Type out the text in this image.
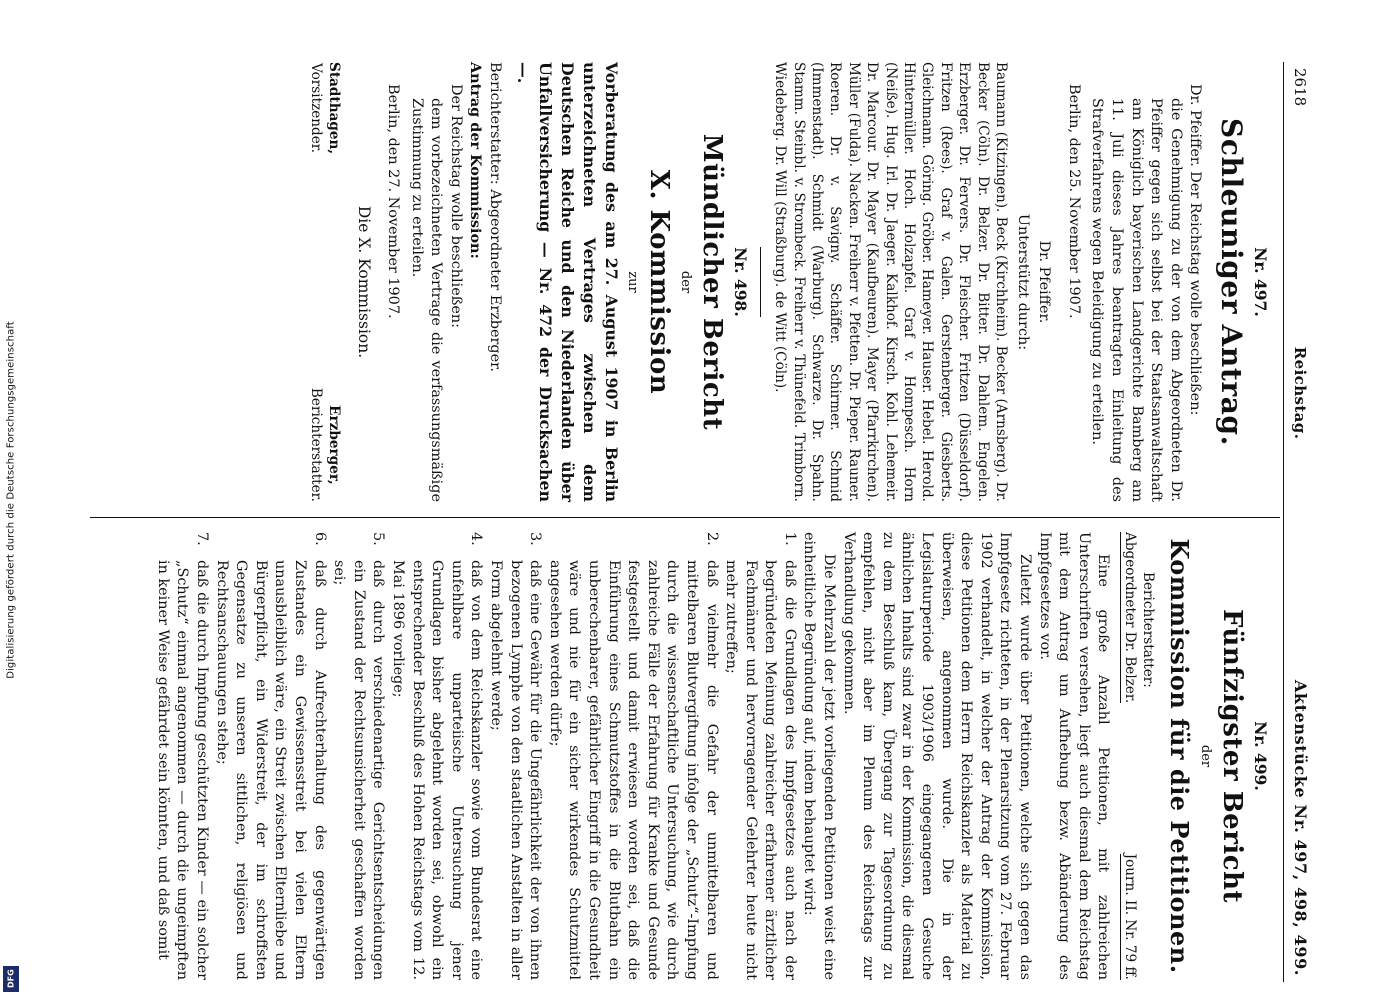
Digitalisierung gefördert durch die Deutsche Forschungsgemeinschaft
DFG
2618
Reichstag.
Aktenstücke Nr. 497, 498, 499.
Nr. 497.
Schleuniger Antrag.

Dr. Pfeiffer. Der Reichstag wolle beschließen:

die Genehmigung zu der von dem Abgeordneten Dr. Pfeiffer gegen sich selbst bei der Staatsanwaltschaft am Königlich bayerischen Landgerichte Bamberg am 11. Juli dieses Jahres beantragten Einleitung des Strafverfahrens wegen Beleidigung zu erteilen.

Berlin, den 25. November 1907.

Dr. Pfeiffer.
Unterstützt durch:

Baumann (Kitzingen). Beck (Kirchheim). Becker (Arnsberg). Dr. Becker (Cöln). Dr. Belzer. Dr. Bitter. Dr. Dahlem. Engelen. Erzberger. Dr. Fervers. Dr. Fleischer. Fritzen (Düsseldorf). Fritzen (Rees). Graf v. Galen. Gerstenberger. Giesberts. Gleichmann. Göring. Gröber. Hameyer. Hauser. Hebel. Herold. Hintermüller. Hoch. Holzapfel. Graf v. Hompesch. Horn (Neiße). Hug. Irl. Dr. Jaeger. Kalkhof. Kirsch. Kohl. Lehemeir. Dr. Marcour. Dr. Mayer (Kaufbeuren). Mayer (Pfarrkirchen). Müller (Fulda). Nacken. Freiherr v. Pfetten. Dr. Pieper. Rauner. Roeren. Dr. v. Savigny. Schäffer. Schirmer. Schmid (Immenstadt). Schmidt (Warburg). Schwarze. Dr. Spahn. Stamm. Steinbl. v. Strombeck. Freiherr v. Thünefeld. Trimborn. Wiedeberg. Dr. Will (Straßburg). de Witt (Cöln).

Nr. 498.
Mündlicher Bericht
der
X. Kommission
zur

Vorberatung des am 27. August 1907 in Berlin unterzeichneten Vertrages zwischen dem Deutschen Reiche und den Niederlanden über Unfallversicherung — Nr. 472 der Drucksachen —.

Berichterstatter: Abgeordneter Erzberger.

Antrag der Kommission:

Der Reichstag wolle beschließen:

dem vorbezeichneten Vertrage die verfassungsmäßige Zustimmung zu erteilen.

Berlin, den 27. November 1907.

Die X. Kommission.
Stadthagen,
Vorsitzender.
Erzberger,
Berichterstatter.
Nr. 499.
Fünfzigster Bericht
der
Kommission für die Petitionen.
Berichterstatter:
Abgeordneter Dr. Belzer.
Journ. II. Nr. 79 ff.

Eine große Anzahl Petitionen, mit zahlreichen Unterschriften versehen, liegt auch diesmal dem Reichstag mit dem Antrag um Aufhebung bezw. Abänderung des Impfgesetzes vor.

Zuletzt wurde über Petitionen, welche sich gegen das Impfgesetz richteten, in der Plenarsitzung vom 27. Februar 1902 verhandelt, in welcher der Antrag der Kommission, diese Petitionen dem Herrn Reichskanzler als Material zu überweisen, angenommen wurde. Die in der Legislaturperiode 1903/1906 eingegangenen Gesuche ähnlichen Inhalts sind zwar in der Kommission, die diesmal zu dem Beschluß kam, Übergang zur Tagesordnung zu empfehlen, nicht aber im Plenum des Reichstags zur Verhandlung gekommen.

Die Mehrzahl der jetzt vorliegenden Petitionen weist eine einheitliche Begründung auf, indem behauptet wird:

1.
daß die Grundlagen des Impfgesetzes auch nach der begründeten Meinung zahlreicher erfahrener ärztlicher Fachmänner und hervorragender Gelehrter heute nicht mehr zutreffen;
2.
daß vielmehr die Gefahr der unmittelbaren und mittelbaren Blutvergiftung infolge der „Schutz“-Impfung durch die wissenschaftliche Untersuchung, wie durch zahlreiche Fälle der Erfahrung für Kranke und Gesunde festgestellt und damit erwiesen worden sei, daß die Einführung eines Schmutzstoffes in die Blutbahn ein unberechenbarer, gefährlicher Eingriff in die Gesundheit wäre und nie für ein sicher wirkendes Schutzmittel angesehen werden dürfe;
3.
daß eine Gewähr für die Ungefährlichkeit der von ihnen bezogenen Lymphe von den staatlichen Anstalten in aller Form abgelehnt werde;
4.
daß von dem Reichskanzler sowie vom Bundesrat eine unfehlbare unparteiische Untersuchung jener Grundlagen bisher abgelehnt worden sei, obwohl ein entsprechender Beschluß des Hohen Reichstags vom 12. Mai 1896 vorliege;
5.
daß durch verschiedenartige Gerichtsentscheidungen ein Zustand der Rechtsunsicherheit geschaffen worden sei;
6.
daß durch Aufrechterhaltung des gegenwärtigen Zustandes ein Gewissensstreit bei vielen Eltern unausbleiblich wäre, ein Streit zwischen Elternliebe und Bürgerpflicht, ein Widerstreit, der im schroffsten Gegensatze zu unseren sittlichen, religiösen und Rechtsanschauungen stehe;
7.
daß die durch Impfung geschützten Kinder — ein solcher „Schutz“ einmal angenommen — durch die ungeimpften in keiner Weise gefährdet sein könnten, und daß somit
